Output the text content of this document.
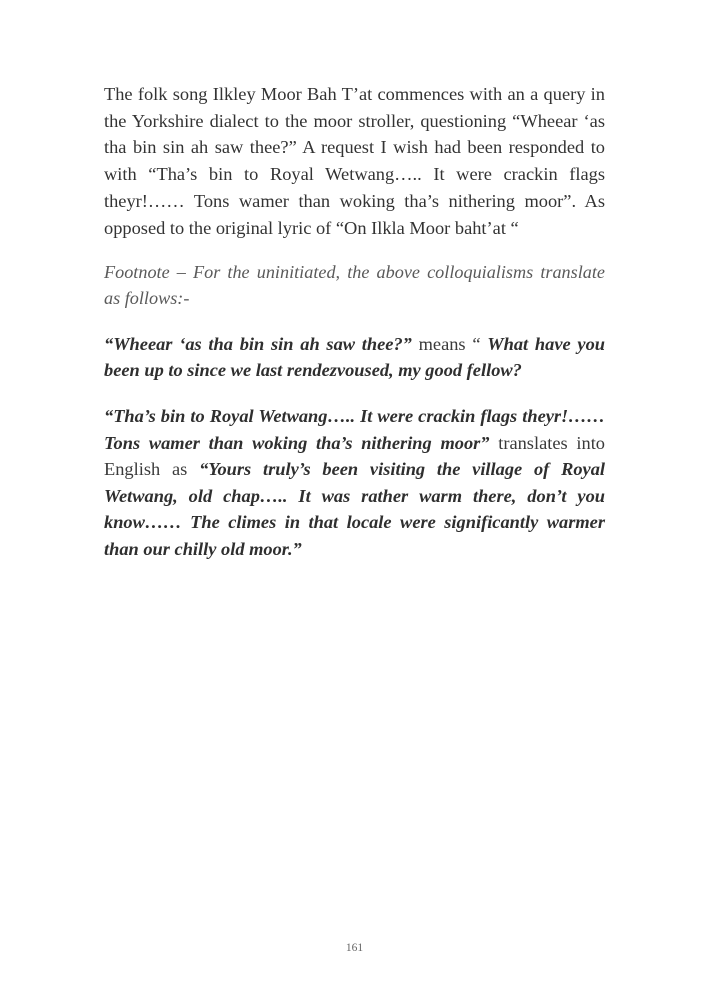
The folk song Ilkley Moor Bah T’at commences with an a query in the Yorkshire dialect to the moor stroller, questioning “Wheear ‘as tha bin sin ah saw thee?” A request I wish had been responded to with “Tha’s bin to Royal Wetwang….. It were crackin flags theyr!…… Tons wamer than woking tha’s nithering moor”. As opposed to the original lyric of “On Ilkla Moor baht’at “

Footnote – For the uninitiated, the above colloquialisms translate as follows:-

“Wheear ‘as tha bin sin ah saw thee?” means “ What have you been up to since we last rendezvoused, my good fellow?

“Tha’s bin to Royal Wetwang….. It were crackin flags theyr!…… Tons wamer than woking tha’s nithering moor” translates into English as “Yours truly’s been visiting the village of Royal Wetwang, old chap….. It was rather warm there, don’t you know…… The climes in that locale were significantly warmer than our chilly old moor.”

161
